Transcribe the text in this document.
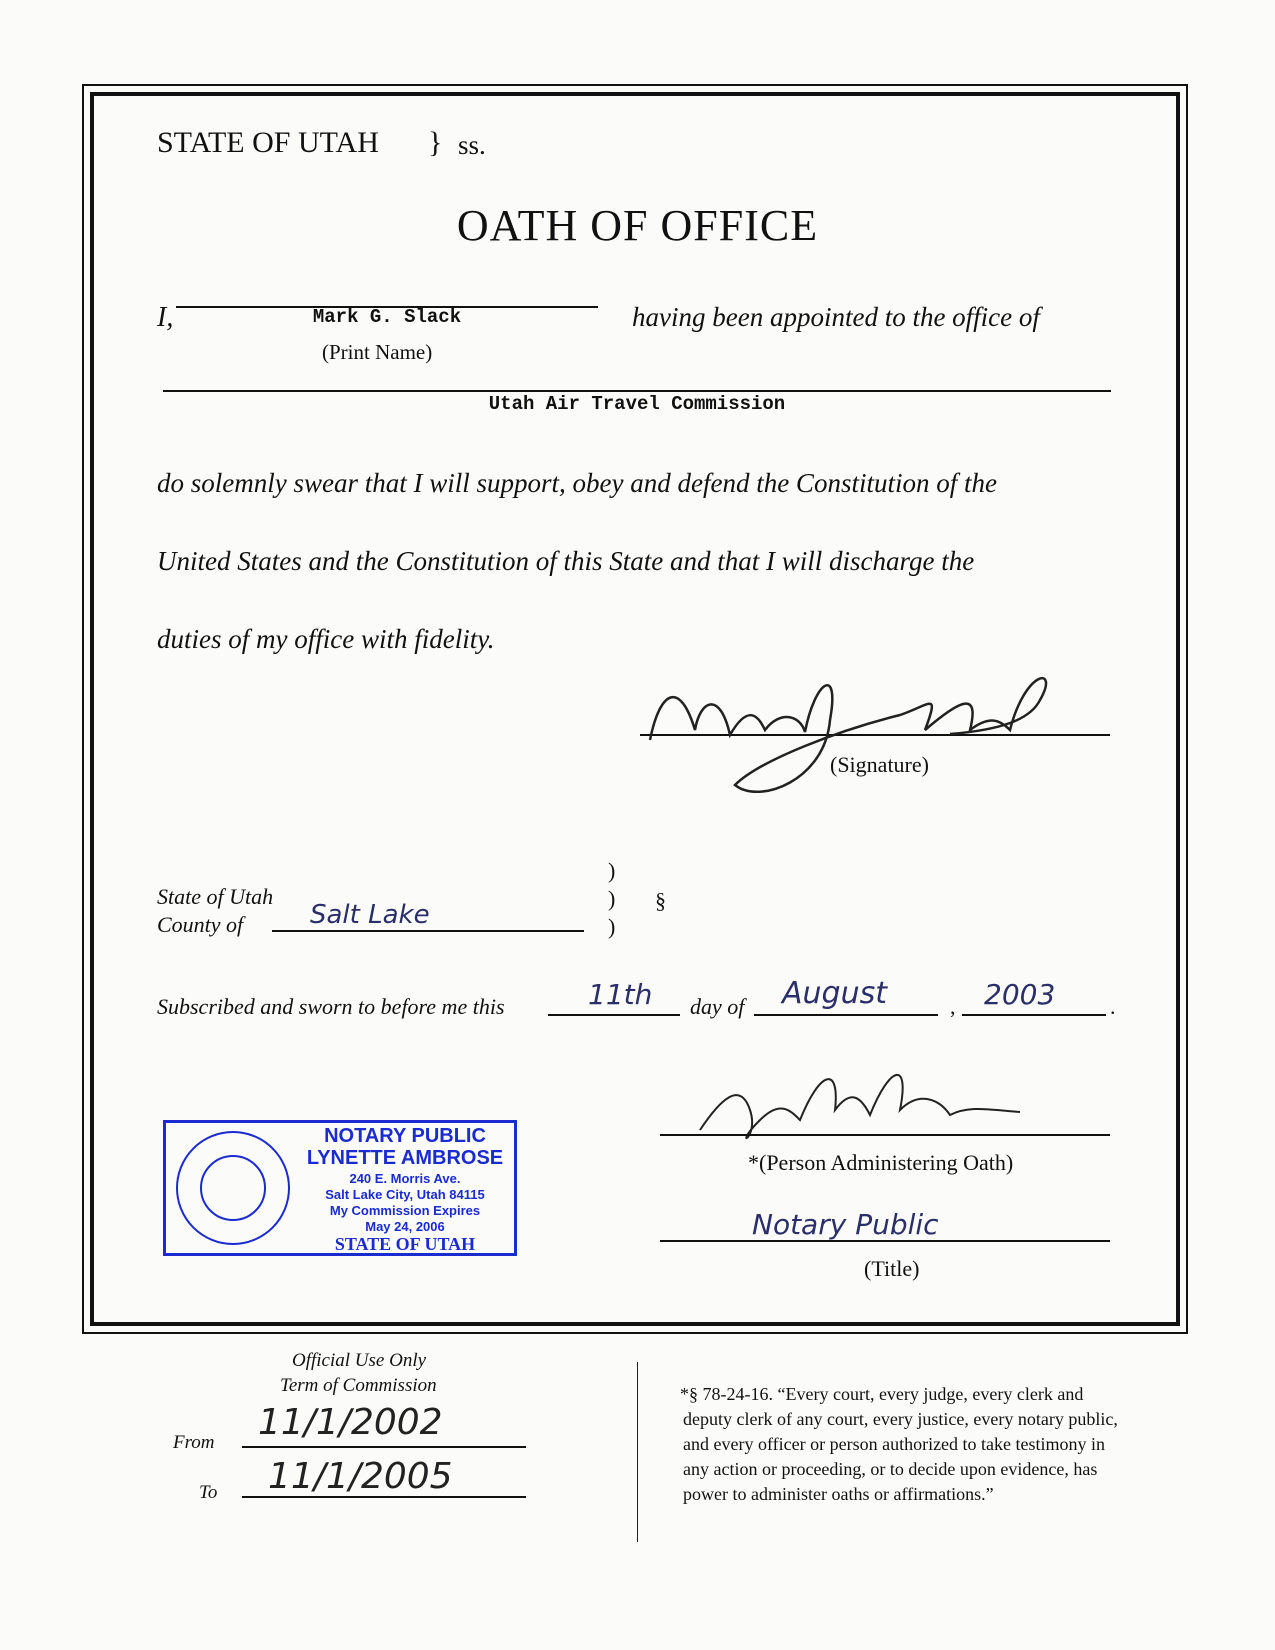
STATE OF UTAH } ss.
OATH OF OFFICE
I,	Mark G. Slack
(Print Name)
having been appointed to the office of
Utah Air Travel Commission
do solemnly swear that I will support, obey and defend the Constitution of the
United States and the Constitution of this State and that I will discharge the
duties of my office with fidelity.
(Signature)
State of Utah
County of	Salt Lake
)
)
)
§
Subscribed and sworn to before me this	11th day of August	, 2003 .
NOTARY PUBLIC
LYNETTE AMBROSE
240 E. Morris Ave.
Salt Lake City, Utah 84115
My Commission Expires
May 24, 2006
STATE OF UTAH
*(Person Administering Oath)
Notary Public
(Title)
Official Use Only
Term of Commission
From 11/1/2002
To 11/1/2005
*§ 78-24-16. “Every court, every judge, every clerk and
deputy clerk of any court, every justice, every notary public,
and every officer or person authorized to take testimony in
any action or proceeding, or to decide upon evidence, has
power to administer oaths or affirmations.”
